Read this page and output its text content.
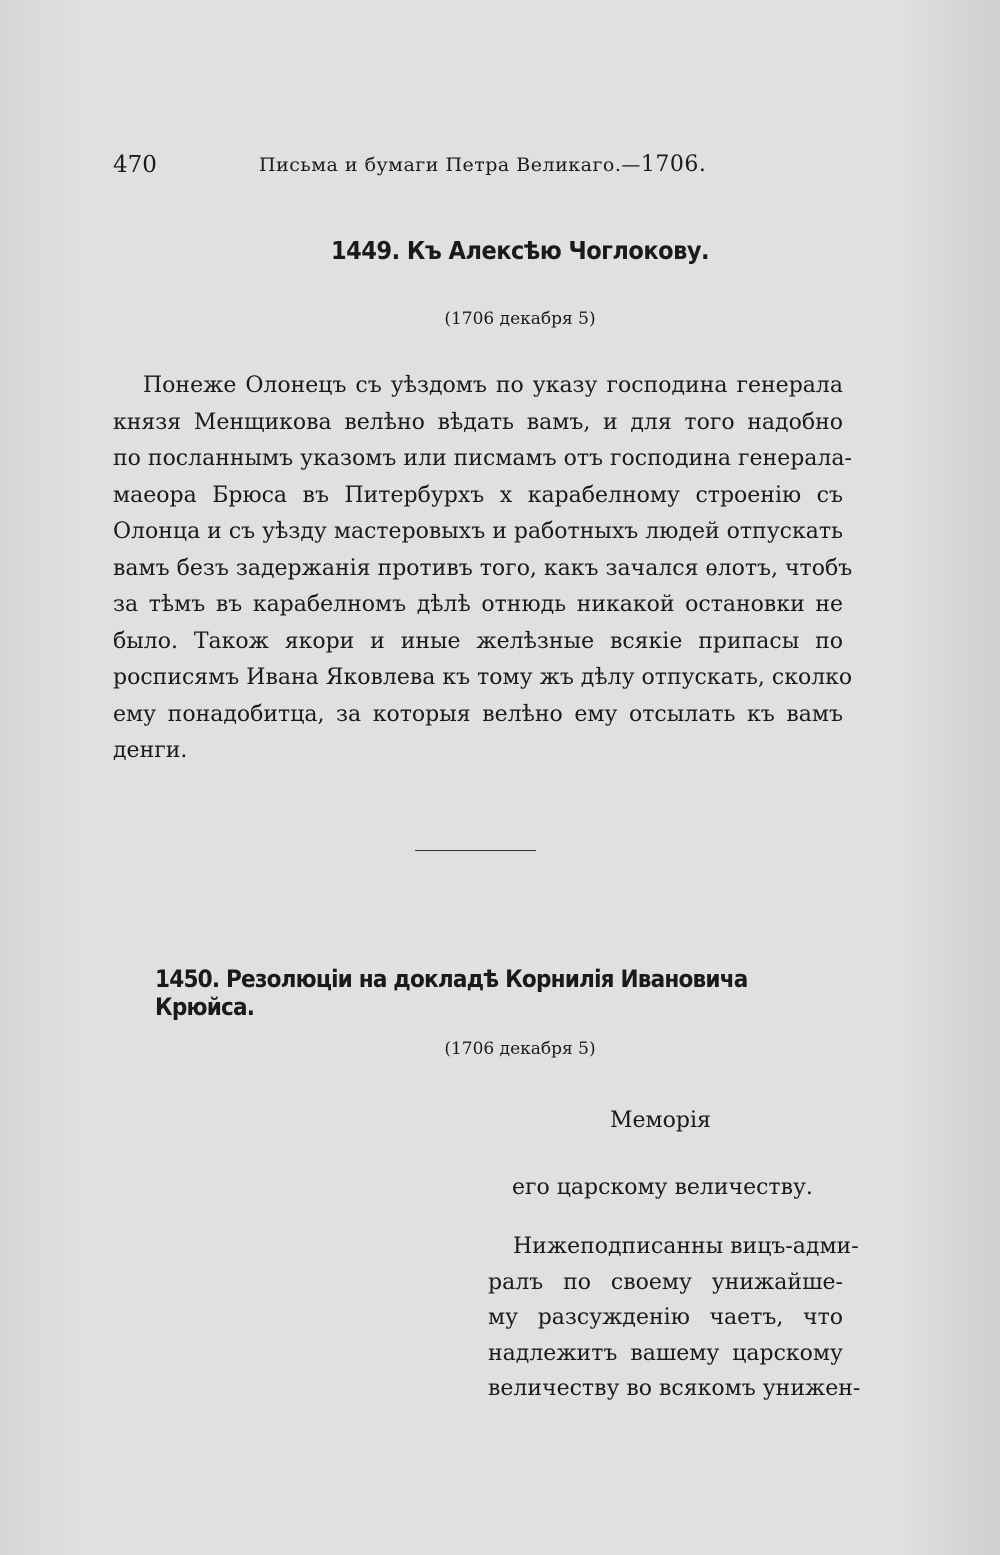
470	Письма и бумаги Петра Великаго.—1706.
1449. Къ Алексѣю Чоглокову.
(1706 декабря 5)
Понеже Олонецъ съ уѣздомъ по указу господина генерала
князя Менщикова велѣно вѣдать вамъ, и для того надобно
по посланнымъ указомъ или писмамъ отъ господина генерала-
маеора Брюса въ Питербурхъ х карабелному строенію съ
Олонца и съ уѣзду мастеровыхъ и работныхъ людей отпускать
вамъ безъ задержанія противъ того, какъ зачался ѳлотъ, чтобъ
за тѣмъ въ карабелномъ дѣлѣ отнюдь никакой остановки не
было. Також якори и иные желѣзные всякіе припасы по
росписямъ Ивана Яковлева къ тому жъ дѣлу отпускать, сколко
ему понадобитца, за которыя велѣно ему отсылать къ вамъ
денги.
1450. Резолюціи на докладѣ Корнилія Ивановича Крюйса.
(1706 декабря 5)
Меморія
его царскому величеству.
Нижеподписанны вицъ-адми-
ралъ по своему унижайше-
му разсужденію чаетъ, что
надлежитъ вашему царскому
величеству во всякомъ унижен-
